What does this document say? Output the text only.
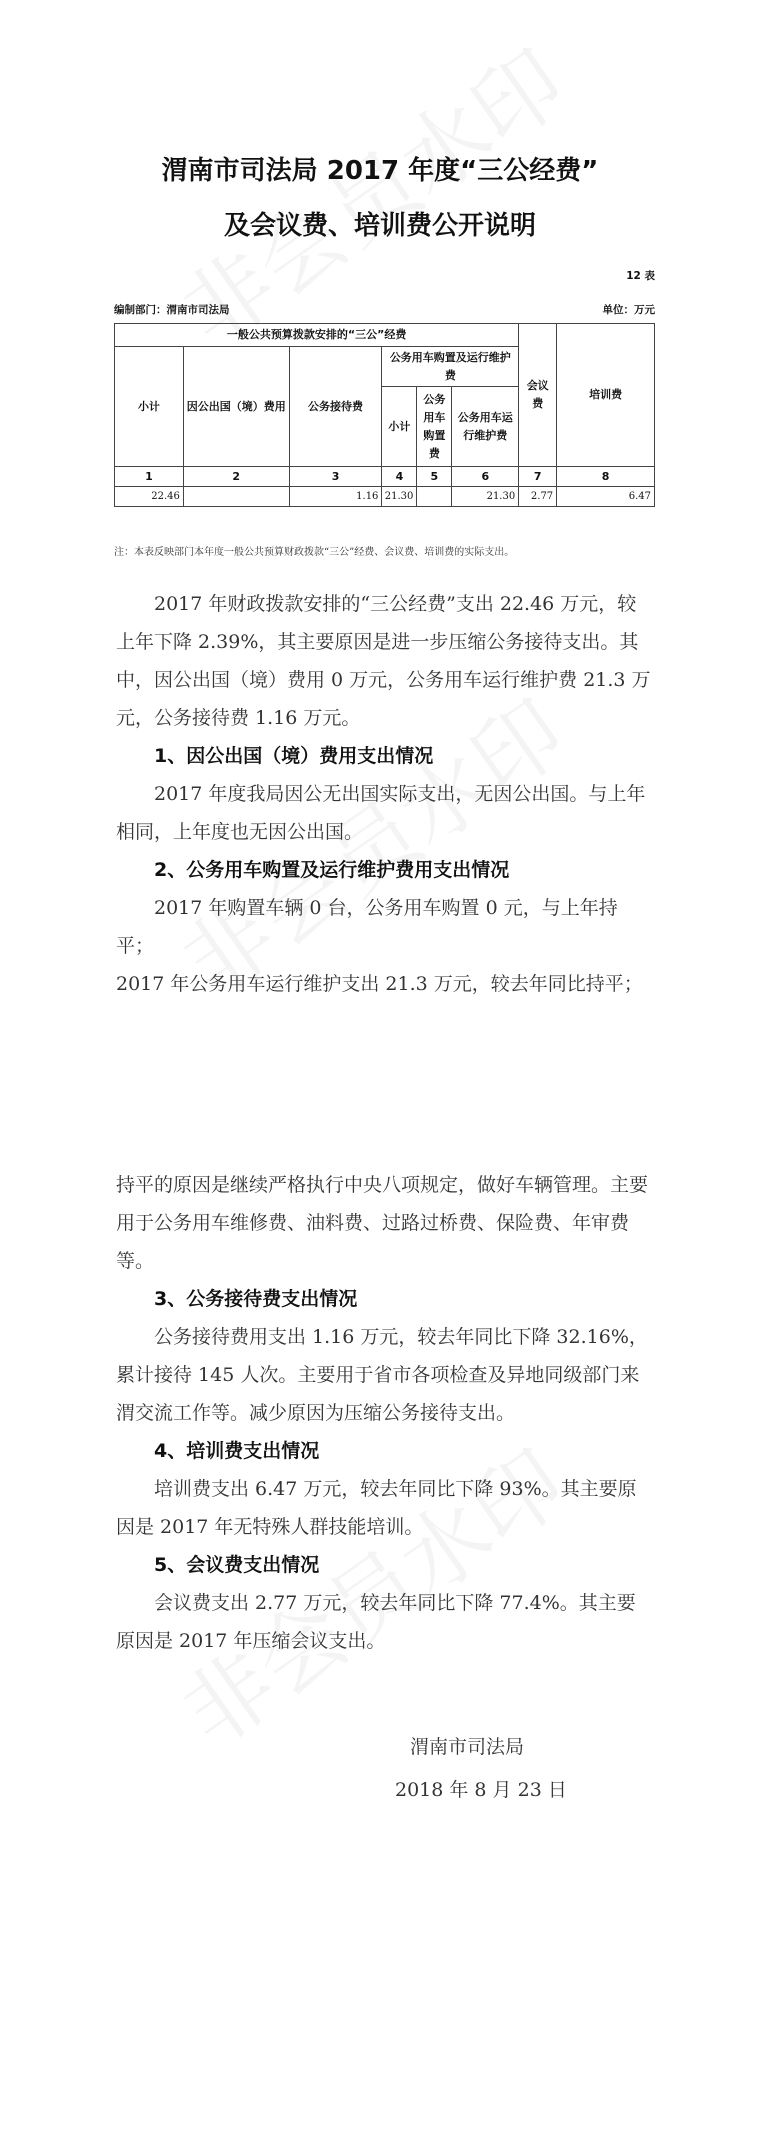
渭南市司法局 2017 年度“三公经费”
及会议费、培训费公开说明
12 表
编制部门：渭南市司法局	单位：万元
一般公共预算拨款安排的“三公”经费						会议费	培训费
小计	因公出国（境）费用	公务接待费	公务用车购置及运行维护费				
			小计	公务用车购置费	公务用车运行维护费		

1	2	3	4	5	6	7	8
22.46		1.16	21.30		21.30	2.77	6.47
注：本表反映部门本年度一般公共预算财政拨款“三公”经费、会议费、培训费的实际支出。

2017 年财政拨款安排的“三公经费”支出 22.46 万元，较上年下降 2.39%，其主要原因是进一步压缩公务接待支出。其中，因公出国（境）费用 0 万元，公务用车运行维护费 21.3 万元，公务接待费 1.16 万元。

1、因公出国（境）费用支出情况

2017 年度我局因公无出国实际支出，无因公出国。与上年相同，上年度也无因公出国。

2、公务用车购置及运行维护费用支出情况

2017 年购置车辆 0 台，公务用车购置 0 元，与上年持平；

2017 年公务用车运行维护支出 21.3 万元，较去年同比持平；

持平的原因是继续严格执行中央八项规定，做好车辆管理。主要用于公务用车维修费、油料费、过路过桥费、保险费、年审费等。

3、公务接待费支出情况

公务接待费用支出 1.16 万元，较去年同比下降 32.16%，累计接待 145 人次。主要用于省市各项检查及异地同级部门来渭交流工作等。减少原因为压缩公务接待支出。

4、培训费支出情况

培训费支出 6.47 万元，较去年同比下降 93%。其主要原因是 2017 年无特殊人群技能培训。

5、会议费支出情况

会议费支出 2.77 万元，较去年同比下降 77.4%。其主要原因是 2017 年压缩会议支出。

渭南市司法局
2018 年 8 月 23 日
